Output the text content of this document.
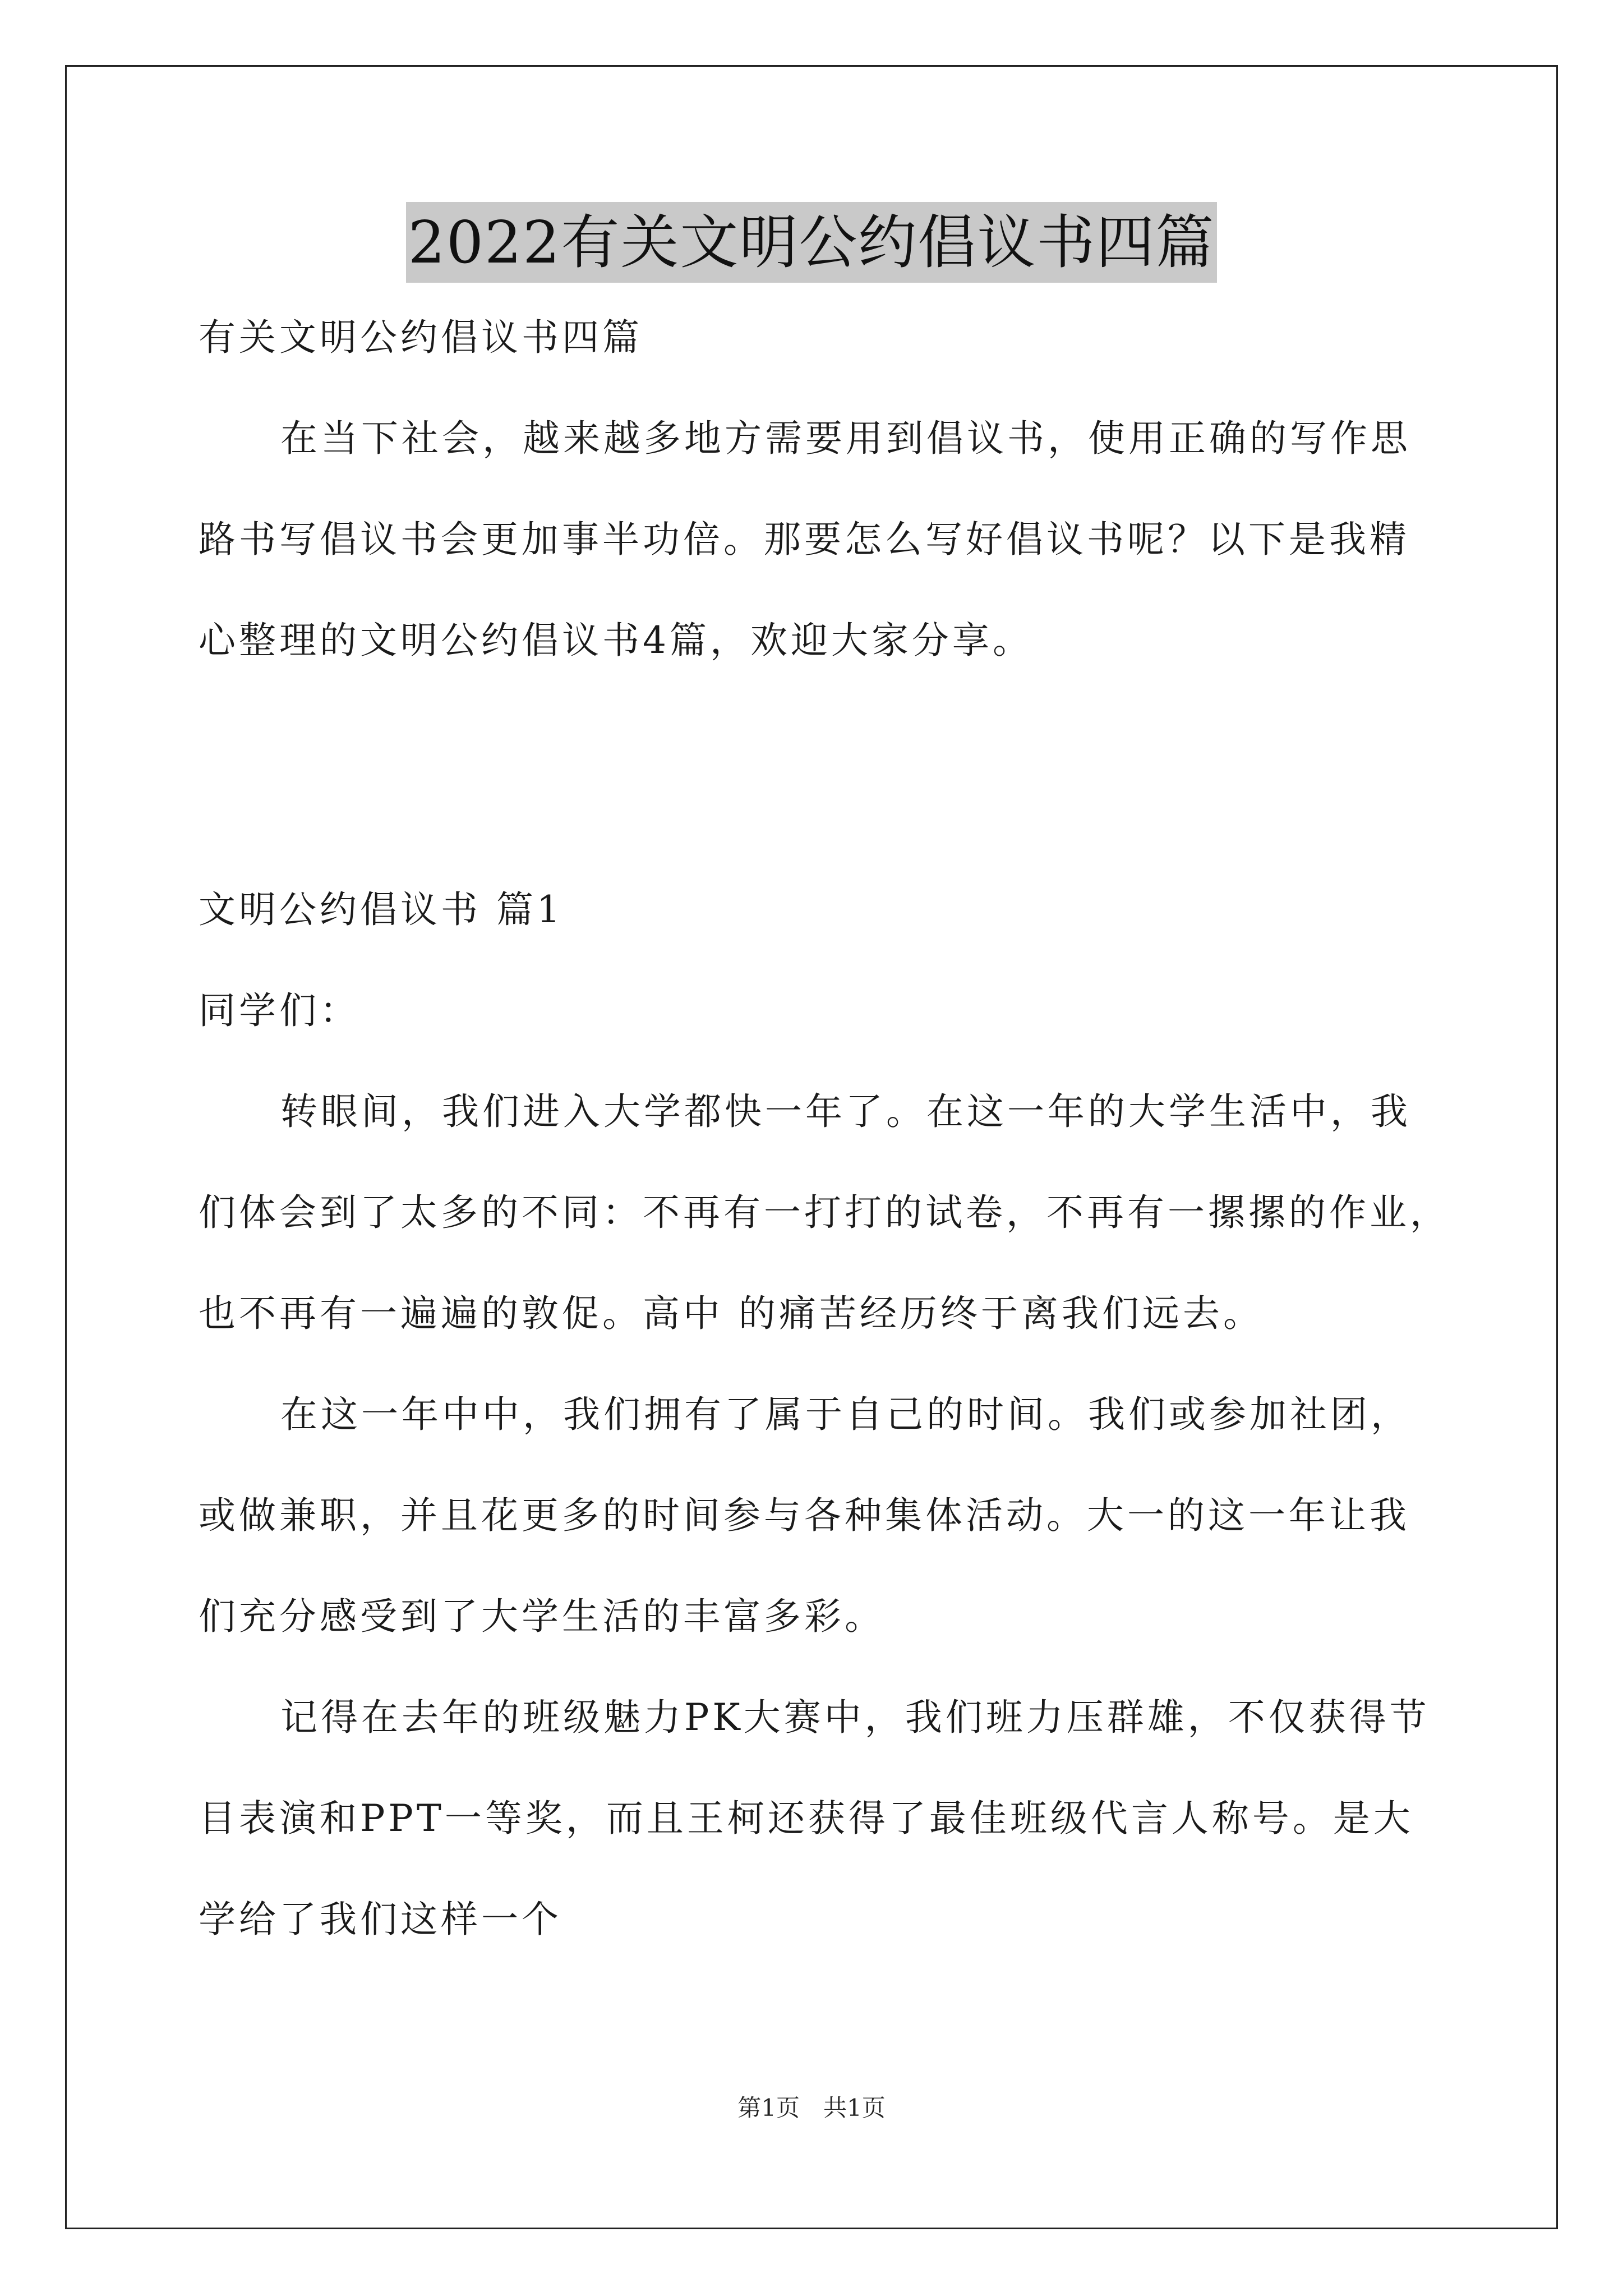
2022有关文明公约倡议书四篇
有关文明公约倡议书四篇
在当下社会，越来越多地方需要用到倡议书，使用正确的写作思
路书写倡议书会更加事半功倍。那要怎么写好倡议书呢？以下是我精
心整理的文明公约倡议书4篇，欢迎大家分享。
文明公约倡议书 篇1
同学们：
转眼间，我们进入大学都快一年了。在这一年的大学生活中，我
们体会到了太多的不同：不再有一打打的试卷，不再有一摞摞的作业，
也不再有一遍遍的敦促。高中 的痛苦经历终于离我们远去。
在这一年中中，我们拥有了属于自己的时间。我们或参加社团，
或做兼职，并且花更多的时间参与各种集体活动。大一的这一年让我
们充分感受到了大学生活的丰富多彩。
记得在去年的班级魅力PK大赛中，我们班力压群雄，不仅获得节
目表演和PPT一等奖，而且王柯还获得了最佳班级代言人称号。是大
学给了我们这样一个
第1页　共1页
